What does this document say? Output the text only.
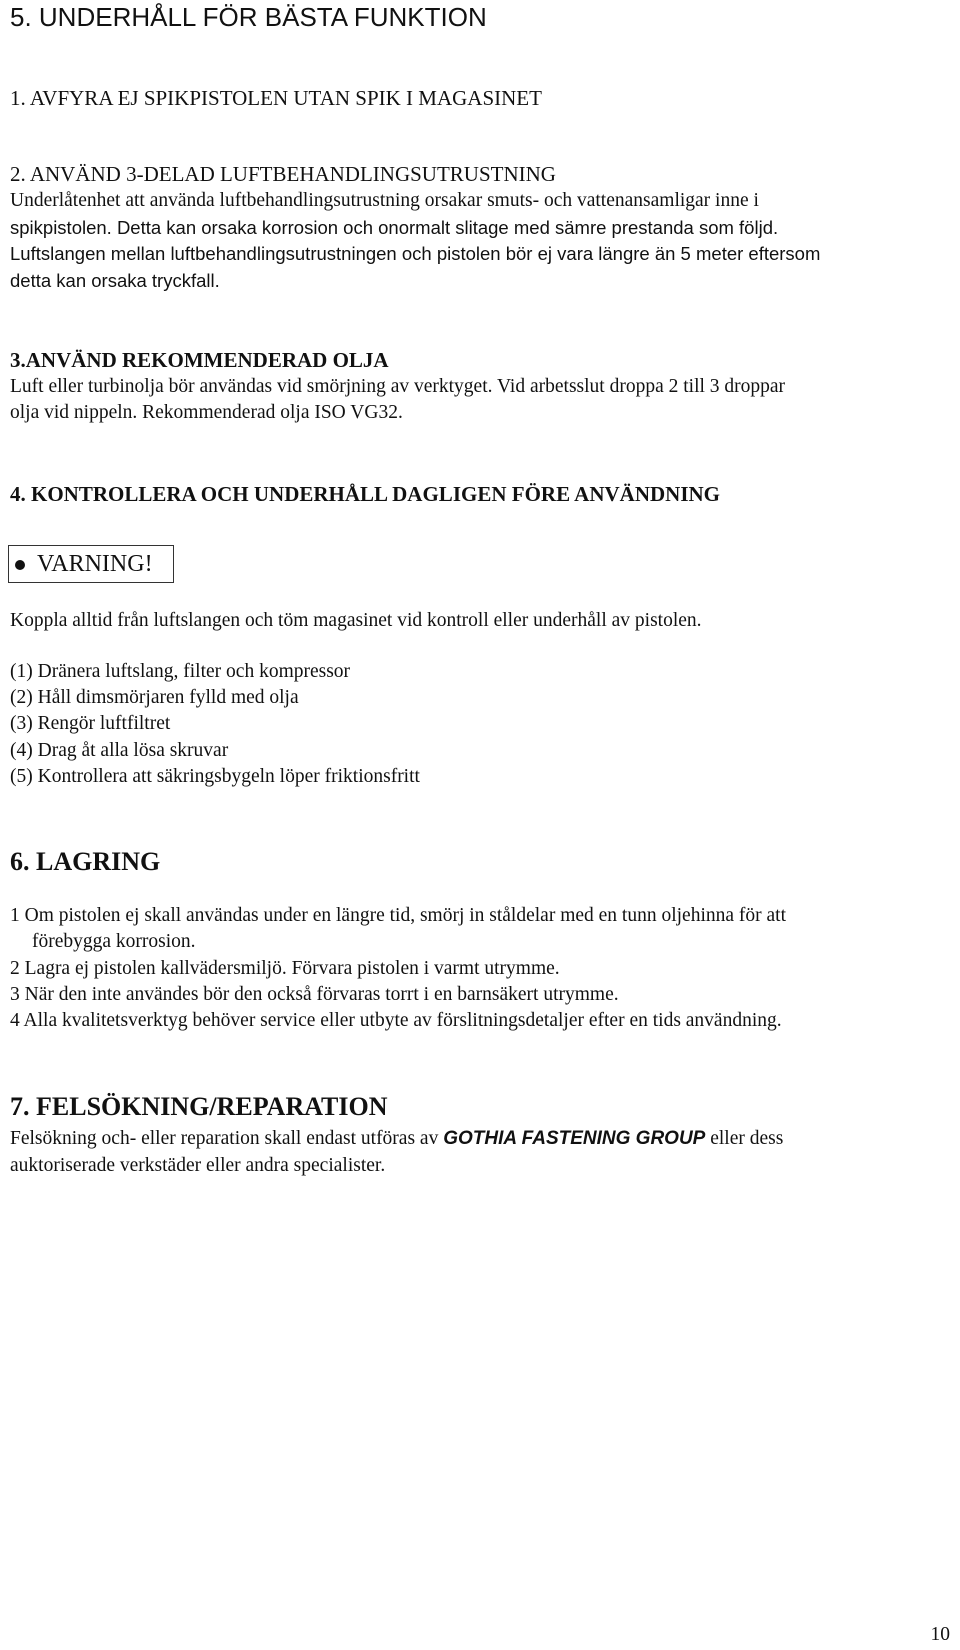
5. UNDERHÅLL FÖR BÄSTA FUNKTION
1. AVFYRA EJ SPIKPISTOLEN UTAN SPIK I MAGASINET
2. ANVÄND 3-DELAD LUFTBEHANDLINGSUTRUSTNING
Underlåtenhet att använda luftbehandlingsutrustning orsakar smuts- och vattenansamligar inne i
spikpistolen. Detta kan orsaka korrosion och onormalt slitage med sämre prestanda som följd.
Luftslangen mellan luftbehandlingsutrustningen och pistolen bör ej vara längre än 5 meter eftersom
detta kan orsaka tryckfall.
3.ANVÄND REKOMMENDERAD OLJA
Luft eller turbinolja bör användas vid smörjning av verktyget. Vid arbetsslut droppa 2 till 3 droppar
olja vid nippeln. Rekommenderad olja ISO VG32.
4. KONTROLLERA OCH UNDERHÅLL DAGLIGEN FÖRE ANVÄNDNING
VARNING!
Koppla alltid från luftslangen och töm magasinet vid kontroll eller underhåll av pistolen.
(1) Dränera luftslang, filter och kompressor
(2) Håll dimsmörjaren fylld med olja
(3) Rengör luftfiltret
(4) Drag åt alla lösa skruvar
(5) Kontrollera att säkringsbygeln löper friktionsfritt
6. LAGRING
1 Om pistolen ej skall användas under en längre tid, smörj in ståldelar med en tunn oljehinna för att
förebygga korrosion.
2 Lagra ej pistolen kallvädersmiljö. Förvara pistolen i varmt utrymme.
3 När den inte användes bör den också förvaras torrt i en barnsäkert utrymme.
4 Alla kvalitetsverktyg behöver service eller utbyte av förslitningsdetaljer efter en tids användning.
7. FELSÖKNING/REPARATION
Felsökning och- eller reparation skall endast utföras av GOTHIA FASTENING GROUP eller dess
auktoriserade verkstäder eller andra specialister.
10
